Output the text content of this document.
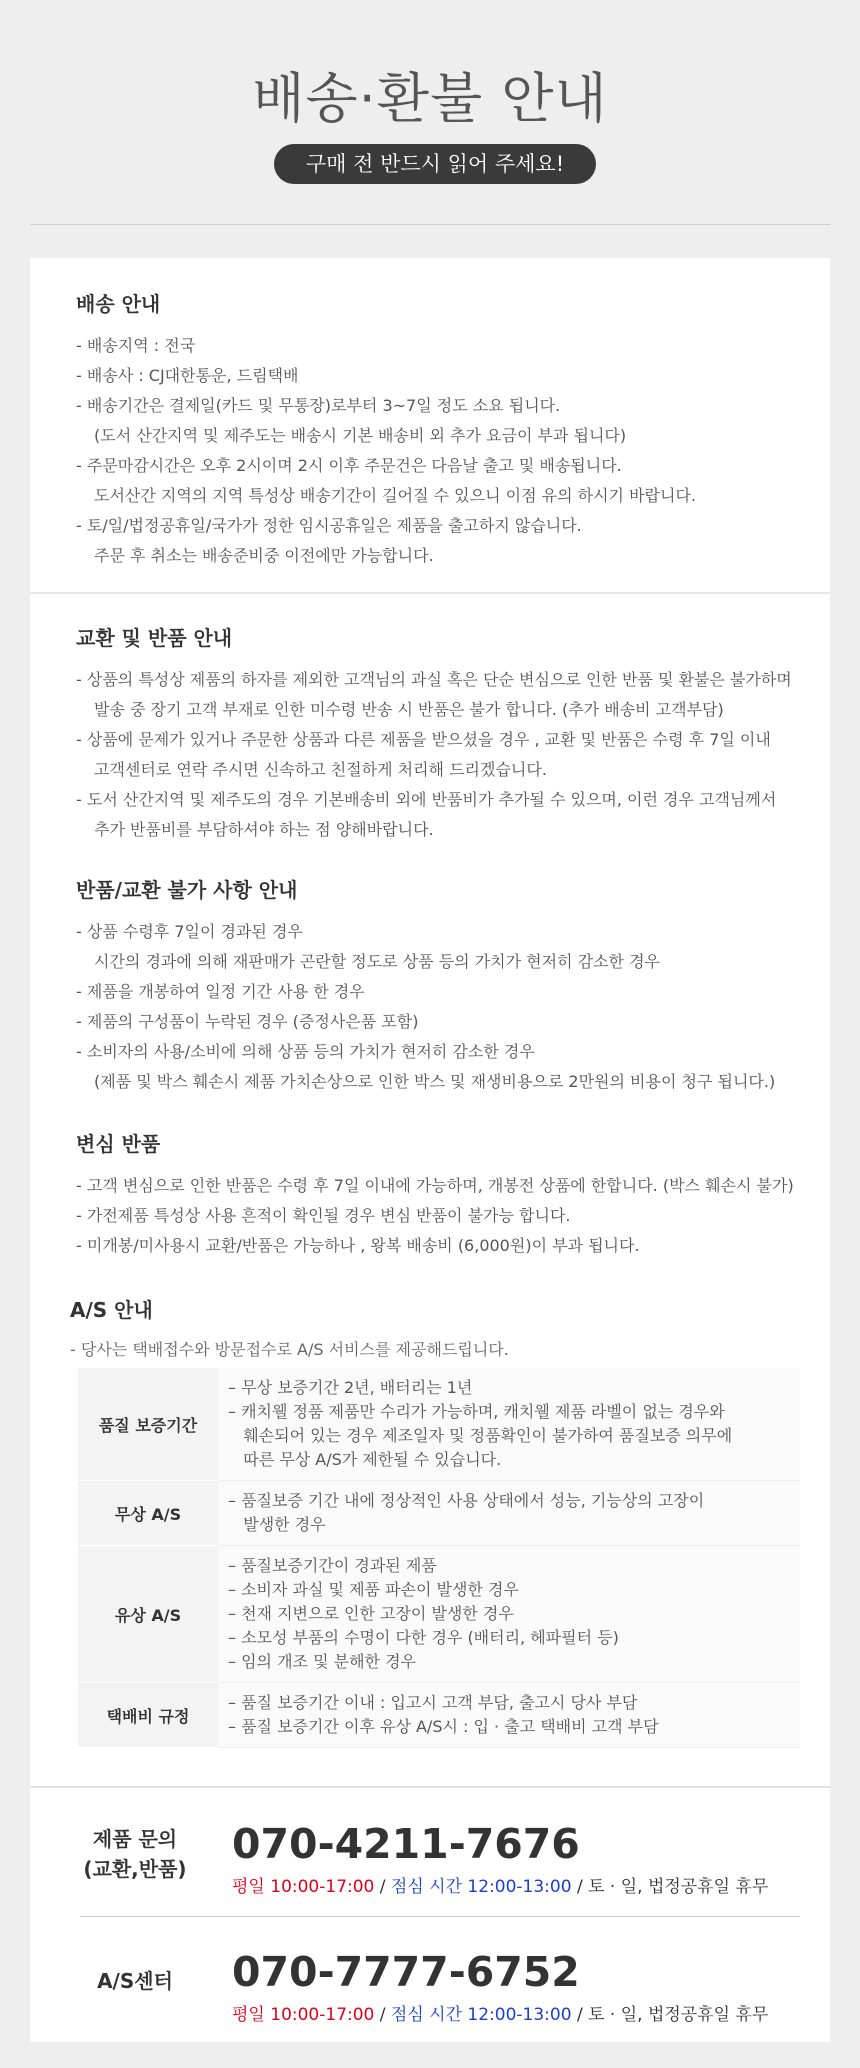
배송·환불 안내
구매 전 반드시 읽어 주세요!
배송 안내
- 배송지역 : 전국
- 배송사 : CJ대한통운, 드림택배
- 배송기간은 결제일(카드 및 무통장)로부터 3~7일 정도 소요 됩니다.
(도서 산간지역 및 제주도는 배송시 기본 배송비 외 추가 요금이 부과 됩니다)
- 주문마감시간은 오후 2시이며 2시 이후 주문건은 다음날 출고 및 배송됩니다.
도서산간 지역의 지역 특성상 배송기간이 길어질 수 있으니 이점 유의 하시기 바랍니다.
- 토/일/법정공휴일/국가가 정한 임시공휴일은 제품을 출고하지 않습니다.
주문 후 취소는 배송준비중 이전에만 가능합니다.
교환 및 반품 안내
- 상품의 특성상 제품의 하자를 제외한 고객님의 과실 혹은 단순 변심으로 인한 반품 및 환불은 불가하며
발송 중 장기 고객 부재로 인한 미수령 반송 시 반품은 불가 합니다. (추가 배송비 고객부담)
- 상품에 문제가 있거나 주문한 상품과 다른 제품을 받으셨을 경우 , 교환 및 반품은 수령 후 7일 이내
고객센터로 연락 주시면 신속하고 친절하게 처리해 드리겠습니다.
- 도서 산간지역 및 제주도의 경우 기본배송비 외에 반품비가 추가될 수 있으며, 이런 경우 고객님께서
추가 반품비를 부담하셔야 하는 점 양해바랍니다.
반품/교환 불가 사항 안내
- 상품 수령후 7일이 경과된 경우
시간의 경과에 의해 재판매가 곤란할 정도로 상품 등의 가치가 현저히 감소한 경우
- 제품을 개봉하여 일정 기간 사용 한 경우
- 제품의 구성품이 누락된 경우 (증정사은품 포함)
- 소비자의 사용/소비에 의해 상품 등의 가치가 현저히 감소한 경우
(제품 및 박스 훼손시 제품 가치손상으로 인한 박스 및 재생비용으로 2만원의 비용이 청구 됩니다.)
변심 반품
- 고객 변심으로 인한 반품은 수령 후 7일 이내에 가능하며, 개봉전 상품에 한합니다. (박스 훼손시 불가)
- 가전제품 특성상 사용 흔적이 확인될 경우 변심 반품이 불가능 합니다.
- 미개봉/미사용시 교환/반품은 가능하나 , 왕복 배송비 (6,000원)이 부과 됩니다.
A/S 안내
- 당사는 택배접수와 방문접수로 A/S 서비스를 제공해드립니다.
품질 보증기간	– 무상 보증기간 2년, 배터리는 1년
– 캐치웰 정품 제품만 수리가 가능하며, 캐치웰 제품 라벨이 없는 경우와
훼손되어 있는 경우 제조일자 및 정품확인이 불가하여 품질보증 의무에
따른 무상 A/S가 제한될 수 있습니다.

무상 A/S	– 품질보증 기간 내에 정상적인 사용 상태에서 성능, 기능상의 고장이
발생한 경우

유상 A/S	– 품질보증기간이 경과된 제품
– 소비자 과실 및 제품 파손이 발생한 경우
– 천재 지변으로 인한 고장이 발생한 경우
– 소모성 부품의 수명이 다한 경우 (배터리, 헤파필터 등)
– 임의 개조 및 분해한 경우

택배비 규정	– 품질 보증기간 이내 : 입고시 고객 부담, 출고시 당사 부담
– 품질 보증기간 이후 유상 A/S시 : 입 · 출고 택배비 고객 부담
제품 문의
(교환,반품)
070-4211-7676
평일 10:00-17:00 / 점심 시간 12:00-13:00 / 토 · 일, 법정공휴일 휴무
A/S센터	070-7777-6752
평일 10:00-17:00 / 점심 시간 12:00-13:00 / 토 · 일, 법정공휴일 휴무
